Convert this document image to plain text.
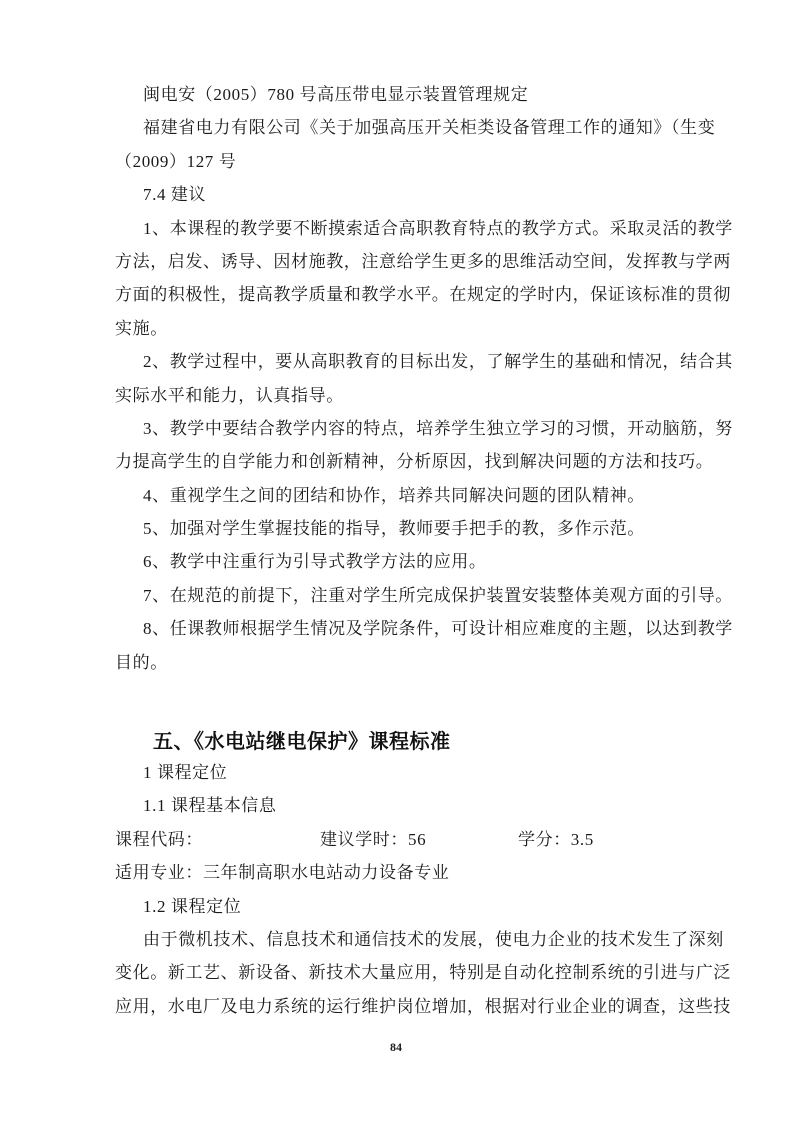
闽电安（2005）780 号高压带电显示装置管理规定
福建省电力有限公司《关于加强高压开关柜类设备管理工作的通知》（生变
（2009）127 号
7.4 建议
1、本课程的教学要不断摸索适合高职教育特点的教学方式。采取灵活的教学
方法，启发、诱导、因材施教，注意给学生更多的思维活动空间，发挥教与学两
方面的积极性，提高教学质量和教学水平。在规定的学时内，保证该标准的贯彻
实施。
2、教学过程中，要从高职教育的目标出发，了解学生的基础和情况，结合其
实际水平和能力，认真指导。
3、教学中要结合教学内容的特点，培养学生独立学习的习惯，开动脑筋，努
力提高学生的自学能力和创新精神，分析原因，找到解决问题的方法和技巧。
4、重视学生之间的团结和协作，培养共同解决问题的团队精神。
5、加强对学生掌握技能的指导，教师要手把手的教，多作示范。
6、教学中注重行为引导式教学方法的应用。
7、在规范的前提下，注重对学生所完成保护装置安装整体美观方面的引导。
8、任课教师根据学生情况及学院条件，可设计相应难度的主题，以达到教学
目的。
五、《水电站继电保护》课程标准
1 课程定位
1.1 课程基本信息
课程代码：	建议学时：56	学分：3.5
适用专业：三年制高职水电站动力设备专业
1.2 课程定位
由于微机技术、信息技术和通信技术的发展，使电力企业的技术发生了深刻
变化。新工艺、新设备、新技术大量应用，特别是自动化控制系统的引进与广泛
应用，水电厂及电力系统的运行维护岗位增加，根据对行业企业的调查，这些技
84
